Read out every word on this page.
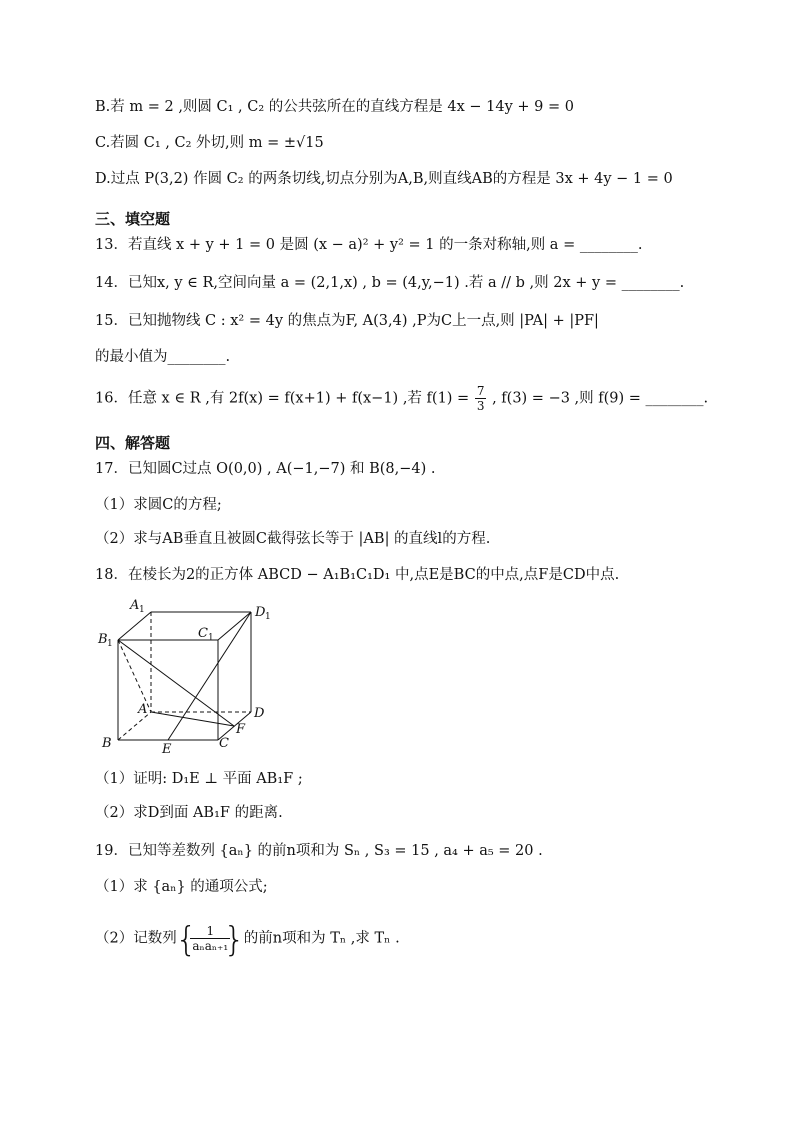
B.若 m = 2 ,则圆 C₁ , C₂ 的公共弦所在的直线方程是 4x − 14y + 9 = 0
C.若圆 C₁ , C₂ 外切,则 m = ±√15
D.过点 P(3,2) 作圆 C₂ 的两条切线,切点分别为A,B,则直线AB的方程是 3x + 4y − 1 = 0
三、填空题
13．若直线 x + y + 1 = 0 是圆 (x − a)² + y² = 1 的一条对称轴,则 a = ________.
14．已知x, y ∈ R,空间向量 a = (2,1,x) , b = (4,y,−1) .若 a // b ,则 2x + y = ________.
15．已知抛物线 C : x² = 4y 的焦点为F, A(3,4) ,P为C上一点,则 |PA| + |PF|
的最小值为________.
16．任意 x ∈ R ,有 2f(x) = f(x+1) + f(x−1) ,若 $f(1) = \frac{7}{3}$ , f(3) = −3 ,则 f(9) = ________.
四、解答题
17．已知圆C过点 O(0,0) , A(−1,−7) 和 B(8,−4) .
（1）求圆C的方程;
（2）求与AB垂直且被圆C截得弦长等于 |AB| 的直线l的方程.
18．在棱长为2的正方体 ABCD − A₁B₁C₁D₁ 中,点E是BC的中点,点F是CD中点.
A 1	D 1
B 1
C 1
A	D
F
C
B	E
（1）证明: D₁E ⊥ 平面 AB₁F ;
（2）求D到面 AB₁F 的距离.
19．已知等差数列 {aₙ} 的前n项和为 Sₙ , S₃ = 15 , a₄ + a₅ = 20 .
（1）求 {aₙ} 的通项公式;
（2）记数列
{ $\frac{1}{\text{aₙaₙ₊₁}}$
} 的前n项和为 Tₙ ,求 Tₙ .
